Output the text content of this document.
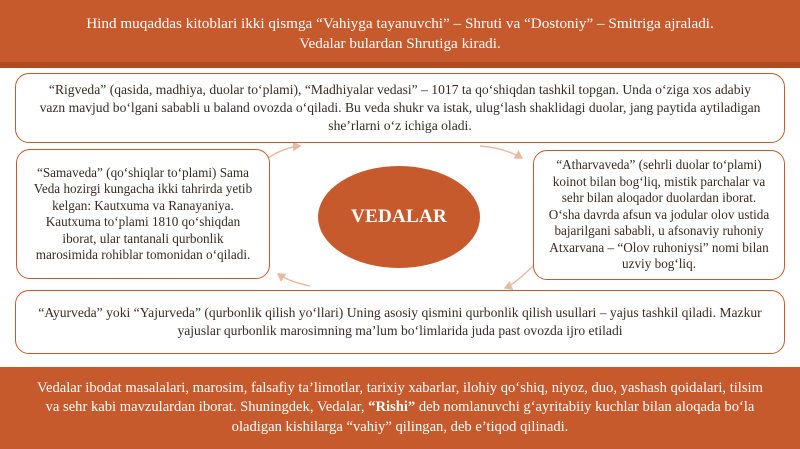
Hind muqaddas kitoblari ikki qismga “Vahiyga tayanuvchi” – Shruti va “Dostoniy” – Smitriga ajraladi.
Vedalar bulardan Shrutiga kiradi.
“Rigveda” (qasida, madhiya, duolar to‘plami), “Madhiyalar vedasi” – 1017 ta qo‘shiqdan tashkil topgan. Unda o‘ziga xos adabiy vazn mavjud bo‘lgani sababli u baland ovozda o‘qiladi. Bu veda shukr va istak, ulug‘lash shaklidagi duolar, jang paytida aytiladigan she’rlarni o‘z ichiga oladi.
“Samaveda” (qo‘shiqlar to‘plami) Sama Veda hozirgi kungacha ikki tahrirda yetib kelgan: Kautxuma va Ranayaniya. Kautxuma to‘plami 1810 qo‘shiqdan iborat, ular tantanali qurbonlik marosimida rohiblar tomonidan o‘qiladi.
“Atharvaveda” (sehrli duolar to‘plami) koinot bilan bog‘liq, mistik parchalar va sehr bilan aloqador duolardan iborat. O‘sha davrda afsun va jodular olov ustida bajarilgani sababli, u afsonaviy ruhoniy Atxarvana – “Olov ruhoniysi” nomi bilan uzviy bog‘liq.
“Ayurveda” yoki “Yajurveda” (qurbonlik qilish yo‘llari) Uning asosiy qismini qurbonlik qilish usullari – yajus tashkil qiladi. Mazkur yajuslar qurbonlik marosimning ma’lum bo‘limlarida juda past ovozda ijro etiladi
VEDALAR
Vedalar ibodat masalalari, marosim, falsafiy ta’limotlar, tarixiy xabarlar, ilohiy qo‘shiq, niyoz, duo, yashash qoidalari, tilsim va sehr kabi mavzulardan iborat. Shuningdek, Vedalar, “Rishi” deb nomlanuvchi g‘ayritabiiy kuchlar bilan aloqada bo‘la oladigan kishilarga “vahiy” qilingan, deb e’tiqod qilinadi.
